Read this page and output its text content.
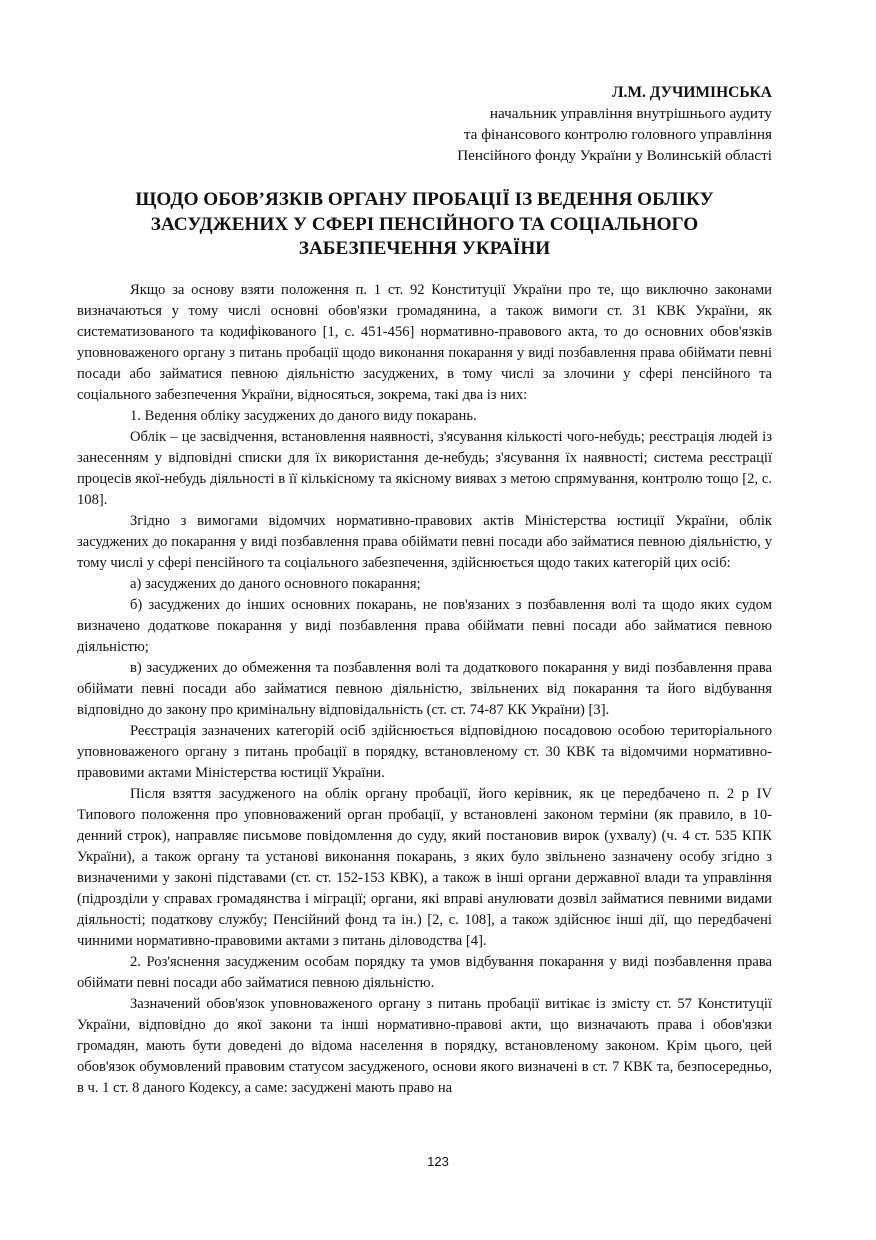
Л.М. ДУЧИМІНСЬКА
начальник управління внутрішнього аудиту
та фінансового контролю головного управління
Пенсійного фонду України у Волинській області
ЩОДО ОБОВ’ЯЗКІВ ОРГАНУ ПРОБАЦІЇ ІЗ ВЕДЕННЯ ОБЛІКУ
ЗАСУДЖЕНИХ У СФЕРІ ПЕНСІЙНОГО ТА СОЦІАЛЬНОГО
ЗАБЕЗПЕЧЕННЯ УКРАЇНИ

Якщо за основу взяти положення п. 1 ст. 92 Конституції України про те, що виключно законами визначаються у тому числі основні обов'язки громадянина, а також вимоги ст. 31 КВК України, як систематизованого та кодифікованого [1, с. 451-456] нормативно-правового акта, то до основних обов'язків уповноваженого органу з питань пробації щодо виконання покарання у виді позбавлення права обіймати певні посади або займатися певною діяльністю засуджених, в тому числі за злочини у сфері пенсійного та соціального забезпечення України, відносяться, зокрема, такі два із них:

1. Ведення обліку засуджених до даного виду покарань.

Облік – це засвідчення, встановлення наявності, з'ясування кількості чого-небудь; реєстрація людей із занесенням у відповідні списки для їх використання де-небудь; з'ясування їх наявності; система реєстрації процесів якої-небудь діяльності в її кількісному та якісному виявах з метою спрямування, контролю тощо [2, с. 108].

Згідно з вимогами відомчих нормативно-правових актів Міністерства юстиції України, облік засуджених до покарання у виді позбавлення права обіймати певні посади або займатися певною діяльністю, у тому числі у сфері пенсійного та соціального забезпечення, здійснюється щодо таких категорій цих осіб:

а) засуджених до даного основного покарання;

б) засуджених до інших основних покарань, не пов'язаних з позбавлення волі та щодо яких судом визначено додаткове покарання у виді позбавлення права обіймати певні посади або займатися певною діяльністю;

в) засуджених до обмеження та позбавлення волі та додаткового покарання у виді позбавлення права обіймати певні посади або займатися певною діяльністю, звільнених від покарання та його відбування відповідно до закону про кримінальну відповідальність (ст. ст. 74-87 КК України) [3].

Реєстрація зазначених категорій осіб здійснюється відповідною посадовою особою територіального уповноваженого органу з питань пробації в порядку, встановленому ст. 30 КВК та відомчими нормативно-правовими актами Міністерства юстиції України.

Після взяття засудженого на облік органу пробації, його керівник, як це передбачено п. 2 р IV Типового положення про уповноважений орган пробації, у встановлені законом терміни (як правило, в 10-денний строк), направляє письмове повідомлення до суду, який постановив вирок (ухвалу) (ч. 4 ст. 535 КПК України), а також органу та установі виконання покарань, з яких було звільнено зазначену особу згідно з визначеними у законі підставами (ст. ст. 152-153 КВК), а також в інші органи державної влади та управління (підрозділи у справах громадянства і міграції; органи, які вправі анулювати дозвіл займатися певними видами діяльності; податкову службу; Пенсійний фонд та ін.) [2, с. 108], а також здійснює інші дії, що передбачені чинними нормативно-правовими актами з питань діловодства [4].

2. Роз'яснення засудженим особам порядку та умов відбування покарання у виді позбавлення права обіймати певні посади або займатися певною діяльністю.

Зазначений обов'язок уповноваженого органу з питань пробації витікає із змісту ст. 57 Конституції України, відповідно до якої закони та інші нормативно-правові акти, що визначають права і обов'язки громадян, мають бути доведені до відома населення в порядку, встановленому законом. Крім цього, цей обов'язок обумовлений правовим статусом засудженого, основи якого визначені в ст. 7 КВК та, безпосередньо, в ч. 1 ст. 8 даного Кодексу, а саме: засуджені мають право на

123
